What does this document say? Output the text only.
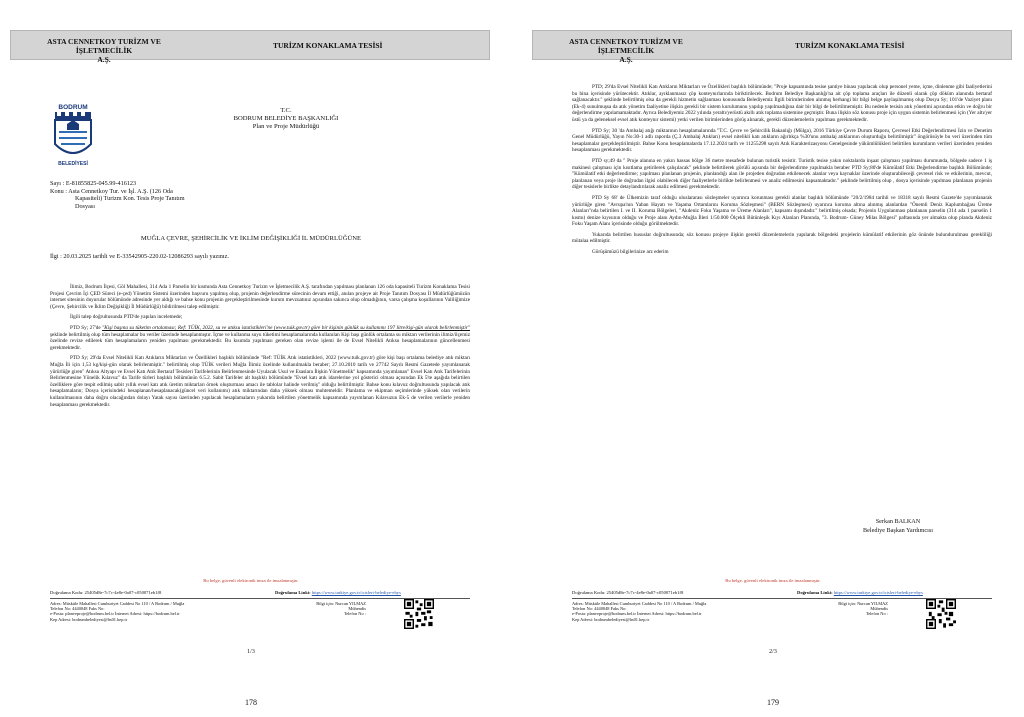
ASTA CENNETKOY TURİZM VE İŞLETMECİLİK
A.Ş.
TURİZM KONAKLAMA TESİSİ
BODRUM
BELEDİYESİ
T.C.
BODRUM BELEDİYE BAŞKANLIĞI
Plan ve Proje Müdürlüğü
Sayı : E-81855825-045.99-416123
Konu : Asta Cennetkoy Tur. ve İşl. A.Ş. (126 Oda
Kapasiteli) Turizm Kon. Tesis Proje Tanıtım
Dosyası
MUĞLA ÇEVRE, ŞEHİRCİLİK VE İKLİM DEĞİŞİKLİĞİ İL MÜDÜRLÜĞÜNE
İlgi : 20.03.2025 tarihli ve E-33542905-220.02-12086293 sayılı yazınız.

İlimiz, Bodrum İlçesi, Göl Mahallesi, 314 Ada 1 Parselin bir kısmında Asta Cennetkoy Turizm ve İşletmecilik A.Ş. tarafından yapılması planlanan 126 oda kapasiteli Turizm Konaklama Tesisi Projesi Çevrim İçi ÇED Süreci (e-çed) Yönetim Sistemi üzerinden başvuru yapılmış olup, projenin değerlendirme sürecinin devam ettiği, anılan projeye ait Proje Tanıtım Dosyası İl Müdürlüğümüzün internet sitesinin duyurular bölümünde adresinde yer aldığı ve bahse konu projenin gerçekleştirilmesinde kurum mevzuatınız açısından sakınca olup olmadığının, varsa çalışma koşullarının Valiliğimize (Çevre, Şehircilik ve İklim Değişikliği İl Müdürlüğü) bildirilmesi talep edilmiştir.

İlgili talep doğrultusunda PTD'de yapılan incelemede;

PTD Sy; 27'de "Kişi başına su tüketim ortalaması; Ref: TÜİK, 2022, su ve atıksu istatistikleri'ne (www.tuik.gov.tr) göre bir kişinin günlük su kullanımı 197 litre/kişi-gün olarak belirlenmiştir" şeklinde belirtilmiş olup tüm hesaplamalar bu veriler üzerinde hesaplanmıştır. İçme ve kullanma suyu tüketimi hesaplamalarında kullanılan Kişi başı günlük ortalama su miktarı verilerinin ilimiz/ilçemiz özelinde revize edilerek tüm hesaplamaların yeniden yapılması gerekmektedir. Bu kısımda yapılması gereken olan revize işlemi ile de Evsel Nitelikli Atıksu hesaplamalarının güncellenmesi gerekmektedir.

PTD Sy; 29'da Evsel Nitelikli Katı Atıkların Miktarları ve Özellikleri başlıklı bölümünde "Ref: TÜİK Atık istatistikleri, 2022 (www.tuik.gov.tr) göre kişi başı ortalama belediye atık miktarı Muğla İli için 1,53 kg/kişi-gün olarak belirlenmiştir." belirtilmiş olup TÜİK verileri Muğla İlimiz özelinde kullanılmakla beraber; 27.10.2010 tarih ve 27742 Sayılı Resmi Gazetede yayımlanarak yürürlüğe giren" Atıksu Altyapı ve Evsel Katı Atık Bertaraf Tesisleri Tarifelerinin Belirlenmesinde Uyulacak Usul ve Esaslara İlişkin Yönetmelik" kapsamında yayımlanan" Evsel Katı Atık Tarifelerinin Belirlenmesine Yönelik Kılavuz" da Tarife türleri başlıklı bölümünün 6.5.2. Sabit Tarifeler alt başlıklı bölümünde "Evsel katı atık idarelerine yol gösterici olması açısından Ek 5'te aşağıda belirtilen özelliklere göre tespit edilmiş sabit yıllık evsel katı atık üretim miktarları örnek oluşturması amacı ile tablolar halinde verilmiş" olduğu belirtilmiştir. Bahse konu kılavuz doğrultusunda yapılacak atık hesaplamaların; Dosya içerisindeki hesaplanan/hesaplanacak(güncel veri kullanımı) atık miktarından daha yüksek olması muhtemeldir. Planlama ve ekipman seçimlerinde yüksek olan verilerin kullanılmasının daha doğru olacağından dolayı Yatak sayısı üzerinden yapılacak hesaplamaların yukarıda belirtilen yönetmelik kapsamında yayımlanan Kılavuzun Ek-5 de verilen verilerle yeniden hesaplanması gerekmektedir.

Bu belge, güvenli elektronik imza ile imzalanmıştır.
Doğrulama Kodu: 25405d8e-7c7c-4e8e-0a07-c050071eb1f8	Doğrulama Linki: https://www.turkiye.gov.tr/icisleri-belediye-ebys
Adres: Müsküle Mahallesi Cumhuriyet Caddesi No 110 / A Bodrum / Muğla
Telefon No: 4440048 Faks No:
e-Posta: planveproje@bodrum.bel.tr İnternet Adresi: https://bodrum.bel.tr
Kep Adresi: bodrumbelediyesi@hs01.kep.tr
Bilgi için: Nurcan YILMAZ
Mühendis
Telefon No :
1/3
178
ASTA CENNETKOY TURİZM VE İŞLETMECİLİK
A.Ş.
TURİZM KONAKLAMA TESİSİ

PTD; 29'da Evsel Nitelikli Katı Atıkların Miktarları ve Özellikleri başlıklı bölümünde; "Proje kapsamında tesise şantiye binası yapılacak olup personel yeme, içme, dinlenme gibi faaliyetlerini bu bina içerisinde yürütecektir. Atıklar, ayıklanmasız çöp konteynırlarında biriktirilecek. Bodrum Belediye Başkanlığı'na ait çöp toplama araçları ile düzenli olarak çöp döküm alanında bertaraf sağlanacaktır." şeklinde belirtilmiş olsa da gerekli hizmetin sağlanması konusunda Belediyemiz İlgili birimlerinden alınmış herhangi bir bilgi belge paylaşılmamış olup Dosya Sy; 101'de Vaziyet planı (Ek-4) sunulmuşsa da atık yönetim faaliyetine ilişkin gerekli bir sistem kurulumunu yapılıp yapılmadığına dair bir bilgi de belirtilmemiştir. Bu nedenle tesisin atık yönetimi açısından etkin ve doğru bir değerlendirme yapılamamaktadır. Ayrıca Belediyemiz 2022 yılında yeraltı/yerüstü akıllı atık toplama sistemine geçmiştir. Buna ilişkin söz konusu proje için uygun sistemin belirlenmesi için (Yer altı/yer üstü ya da geleneksel evsel atık konteynır sistemi) yetki verilen birimlerinden görüş alınarak, gerekli düzenlemelerin yapılması gerekmektedir.

PTD Sy; 30 'da Ambalaj atığı miktarının hesaplamalarında "T.C. Çevre ve Şehircilik Bakanlığı (Mülga), 2016 Türkiye Çevre Durum Raporu, Çevresel Etki Değerlendirmesi İzin ve Denetim Genel Müdürlüğü, Yayın No:30-1 adlı raporda (Ç.3 Ambalaj Atıkları) evsel nitelikli katı atıkların ağırlıkça %30'unu ambalaj atıklarının oluşturduğu belirtilmiştir" öngörüsüyle bu veri üzerinden tüm hesaplamalar gerçekleştirilmiştir. Bahse Konu hesaplamalarda 17.12.2024 tarih ve 11255298 sayılı Atık Karakterizasyonu Genelgesinde yükümlülükleri belirtilen kurumların verileri üzerinden yeniden hesaplanması gerekmektedir.

PTD sy;49 da " Proje alanına en yakın hassas bölge 36 metre mesafede bulunan turistik tesistir. Turistik tesise yakın noktalarda inşaat çalışması yapılması durumunda, bölgede sadece 1 iş makinesi çalışması için kısıtlama getirilerek çalışılacak" şeklinde belirtilerek görülü açısında bir değerlendirme yapılmakla beraber PTD Sy;80'de Kümülatif Etki Değerlendirme başlıklı Bölümünde; "Kümülatif etki değerlendirme; yapılması planlanan projenin, planlandığı alan ile projeden doğrudan etkilenecek alanlar veya kaynaklar üzerinde oluşturabileceği çevresel risk ve etkilerinin, mevcut, planlanan veya proje ile doğrudan ilgisi olabilecek diğer faaliyetlerle birlikte belirlenmesi ve analiz edilmesini kapsamaktadır." şeklinde belirtilmiş olup , dosya içerisinde yapılması planlanan projenin diğer tesislerle birlikte detaylandırılarak analiz edilmesi gerekmektedir.

PTD Sy 68' de Ülkemizin taraf olduğu uluslararası sözleşmeler uyarınca korunması gerekli alanlar başlıklı bölümünde "20/2/1984 tarihli ve 18318 sayılı Resmi Gazete'de yayımlanarak yürürlüğe giren "Avrupa'nın Yaban Hayatı ve Yaşama Ortamlarını Koruma Sözleşmesi" (BERN Sözleşmesi) uyarınca koruma altına alınmış alanlardan "Önemli Deniz Kaplumbağası Üreme Alanları"nda belirtilen I. ve II. Koruma Bölgeleri, "Akdeniz Foku Yaşama ve Üreme Alanları", kapsamı dışındadır." belirtilmiş olsada; Projenin Uygulanması planlanan parselin (314 ada 1 parselin 1 kısmı) denize kıyısının olduğu ve Proje alanı Aydın-Muğla İlleri 1/50.000 Ölçekli Bütünleşik Kıyı Alanları Planında, "3. Bodrum- Güney Milas Bölgesi" paftasında yer almakta olup planda Akdeniz Foku Yaşam Alanı içerisinde olduğu görülmektedir.

Yukarıda belirtilen hususlar doğrultusunda; söz konusu projeye ilişkin gerekli düzenlemelerin yapılarak bölgedeki projelerin kümülatif etkilerinin göz önünde bulundurulması gerekliliği mütalaa edilmiştir.

Görüşümüzü bilgilerinize arz ederim

Serkan BALKAN
Belediye Başkan Yardımcısı
Bu belge, güvenli elektronik imza ile imzalanmıştır.
Doğrulama Kodu: 25405d8e-7c7c-4e8e-0a07-c050071eb1f8	Doğrulama Linki: https://www.turkiye.gov.tr/icisleri-belediye-ebys
Adres: Müsküle Mahallesi Cumhuriyet Caddesi No 110 / A Bodrum / Muğla
Telefon No: 4440048 Faks No:
e-Posta: planveproje@bodrum.bel.tr İnternet Adresi: https://bodrum.bel.tr
Kep Adresi: bodrumbelediyesi@hs01.kep.tr
Bilgi için: Nurcan YILMAZ
Mühendis
Telefon No :
2/3
179
